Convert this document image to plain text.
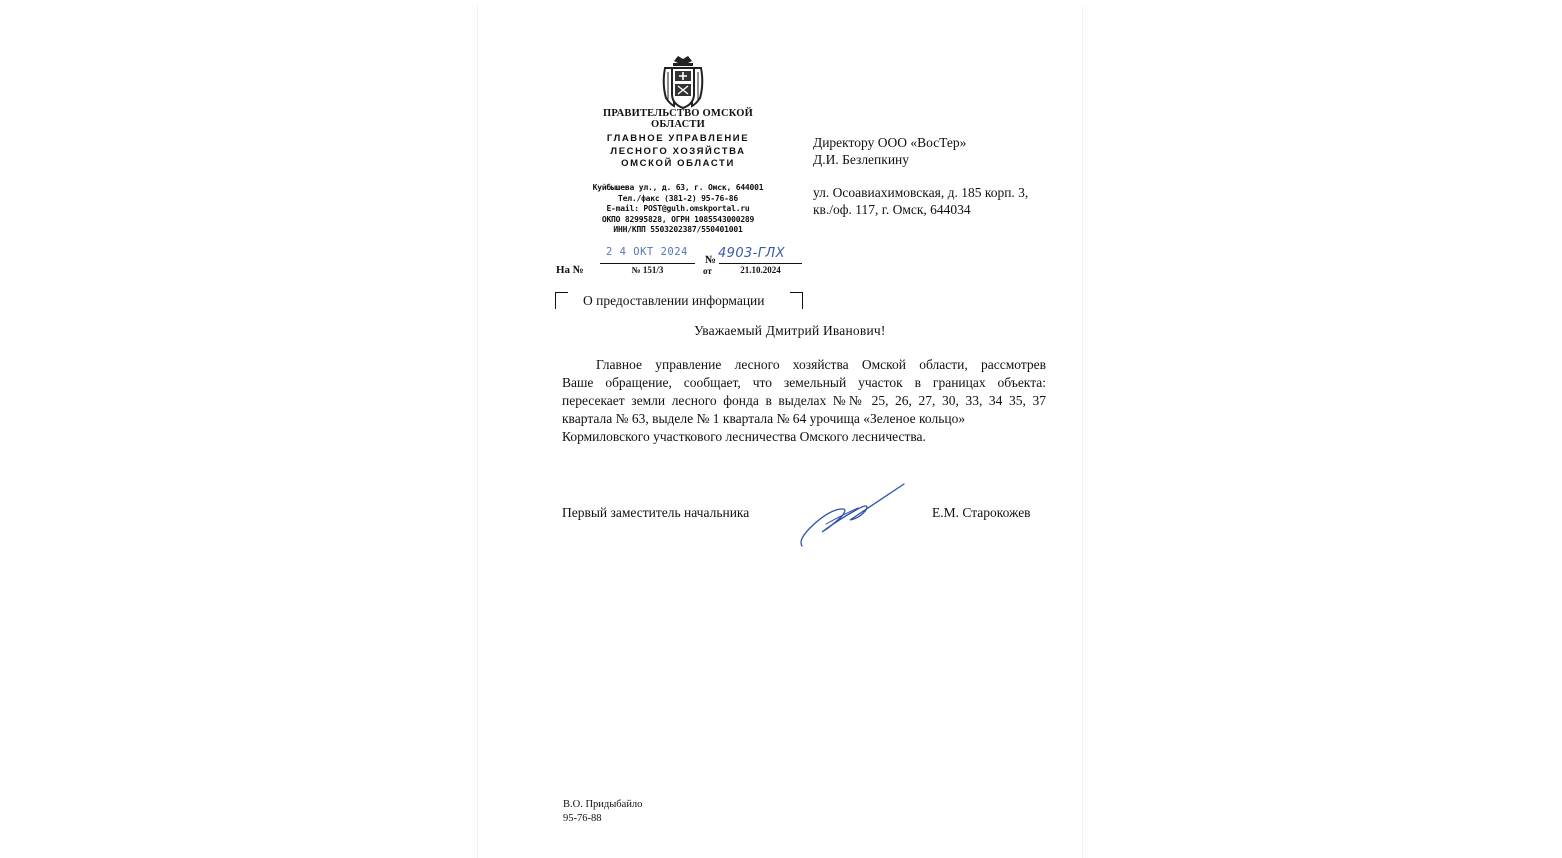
ПРАВИТЕЛЬСТВО ОМСКОЙ ОБЛАСТИ
ГЛАВНОЕ УПРАВЛЕНИЕ
ЛЕСНОГО ХОЗЯЙСТВА
ОМСКОЙ ОБЛАСТИ
Куйбышева ул., д. 63, г. Омск, 644001
Тел./факс (381-2) 95-76-86
E-mail: POST@gulh.omskportal.ru
ОКПО 82995828, ОГРН 1085543000289
ИНН/КПП 5503202387/550401001
Директору ООО «ВосТер»
Д.И. Безлепкину
ул. Осоавиахимовская, д. 185 корп. 3,
кв./оф. 117, г. Омск, 644034
2 4 ОКТ 2024
№ 4903-ГЛХ
На №	№ 151/3	от	21.10.2024
О предоставлении информации
Уважаемый Дмитрий Иванович!
Главное управление лесного хозяйства Омской области, рассмотрев
Ваше обращение, сообщает, что земельный участок в границах объекта:
пересекает земли лесного фонда в выделах №№ 25, 26, 27, 30, 33, 34 35, 37
квартала № 63, выделе № 1 квартала № 64 урочища «Зеленое кольцо»
Кормиловского участкового лесничества Омского лесничества.
Первый заместитель начальника	Е.М. Старокожев
В.О. Придыбайло
95-76-88
